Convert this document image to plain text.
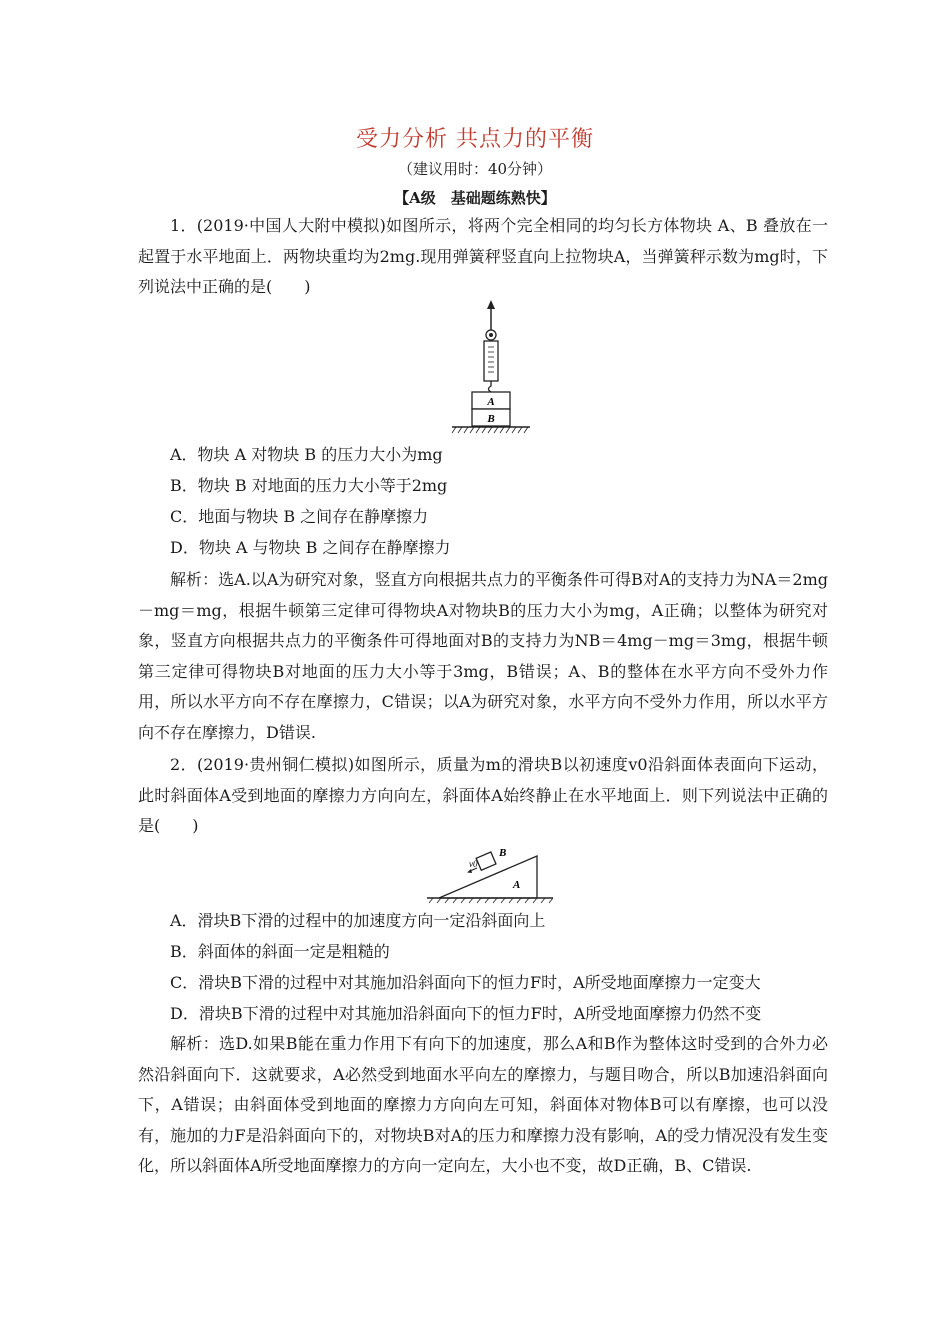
受力分析 共点力的平衡
（建议用时：40分钟）
【A级　基础题练熟快】

1．(2019·中国人大附中模拟)如图所示，将两个完全相同的均匀长方体物块 A、B 叠放在一起置于水平地面上．两物块重均为2mg.现用弹簧秤竖直向上拉物块A，当弹簧秤示数为mg时，下列说法中正确的是(　　)

A
B
A．物块 A 对物块 B 的压力大小为mg
B．物块 B 对地面的压力大小等于2mg
C．地面与物块 B 之间存在静摩擦力
D．物块 A 与物块 B 之间存在静摩擦力

解析：选A.以A为研究对象，竖直方向根据共点力的平衡条件可得B对A的支持力为NA＝2mg－mg＝mg，根据牛顿第三定律可得物块A对物块B的压力大小为mg，A正确；以整体为研究对象，竖直方向根据共点力的平衡条件可得地面对B的支持力为NB＝4mg－mg＝3mg，根据牛顿第三定律可得物块B对地面的压力大小等于3mg，B错误；A、B的整体在水平方向不受外力作用，所以水平方向不存在摩擦力，C错误；以A为研究对象，水平方向不受外力作用，所以水平方向不存在摩擦力，D错误.

2．(2019·贵州铜仁模拟)如图所示，质量为m的滑块B以初速度v0沿斜面体表面向下运动，此时斜面体A受到地面的摩擦力方向向左，斜面体A始终静止在水平地面上．则下列说法中正确的是(　　)

B
A
v0
A．滑块B下滑的过程中的加速度方向一定沿斜面向上
B．斜面体的斜面一定是粗糙的
C．滑块B下滑的过程中对其施加沿斜面向下的恒力F时，A所受地面摩擦力一定变大
D．滑块B下滑的过程中对其施加沿斜面向下的恒力F时，A所受地面摩擦力仍然不变

解析：选D.如果B能在重力作用下有向下的加速度，那么A和B作为整体这时受到的合外力必然沿斜面向下．这就要求，A必然受到地面水平向左的摩擦力，与题目吻合，所以B加速沿斜面向下，A错误；由斜面体受到地面的摩擦力方向向左可知，斜面体对物体B可以有摩擦，也可以没有，施加的力F是沿斜面向下的，对物块B对A的压力和摩擦力没有影响，A的受力情况没有发生变化，所以斜面体A所受地面摩擦力的方向一定向左，大小也不变，故D正确，B、C错误.
